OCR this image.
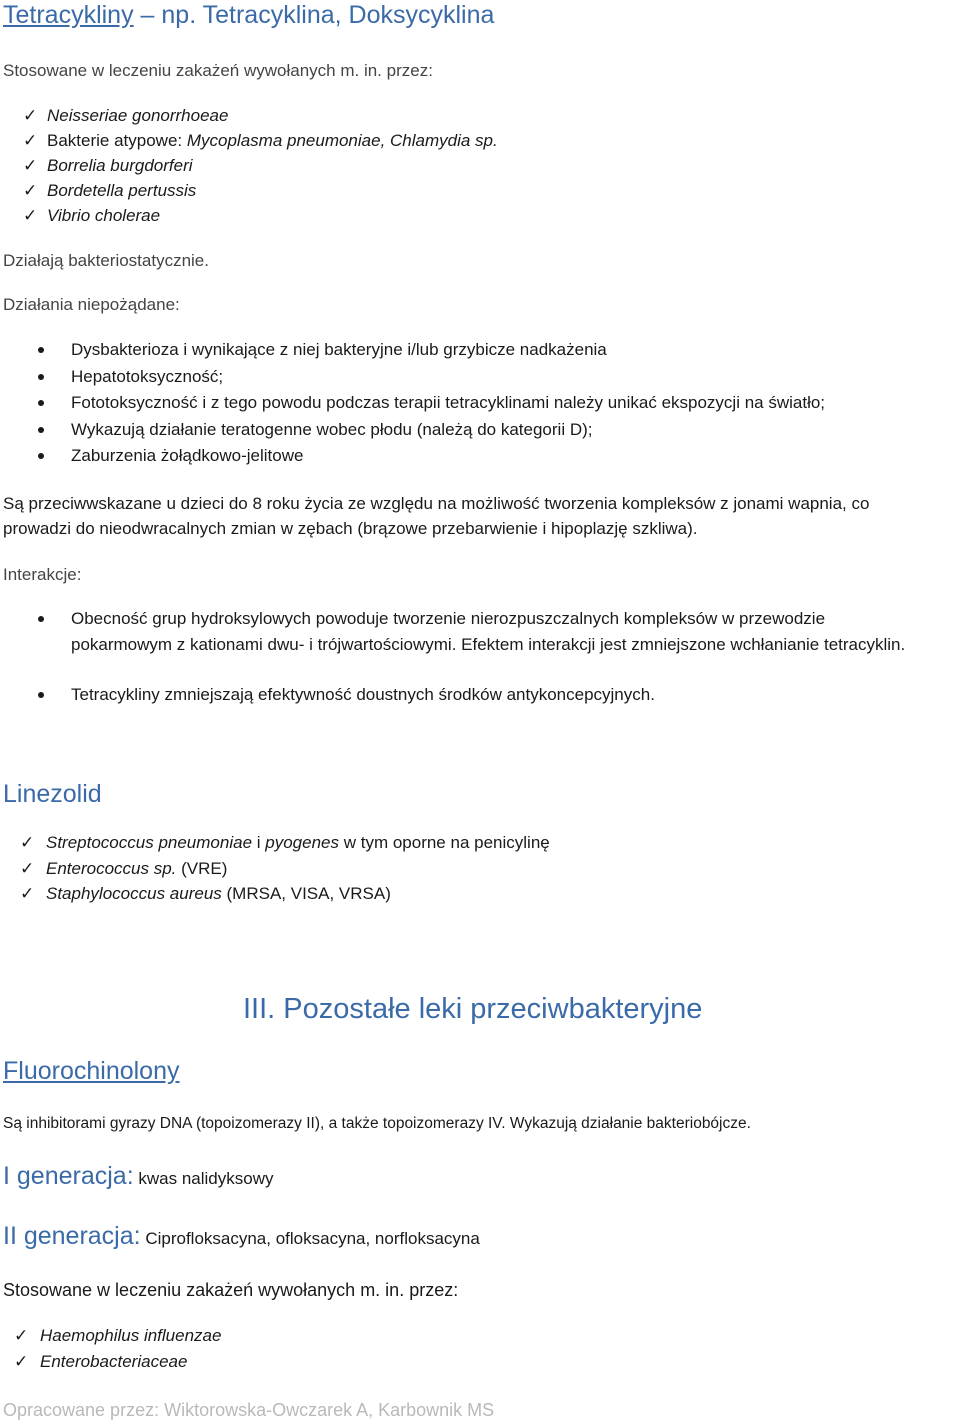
Tetracykliny – np. Tetracyklina, Doksycyklina
Stosowane w leczeniu zakażeń wywołanych m. in. przez:
✓ Neisseriae gonorrhoeae
✓ Bakterie atypowe: Mycoplasma pneumoniae, Chlamydia sp.
✓ Borrelia burgdorferi
✓ Bordetella pertussis
✓ Vibrio cholerae
Działają bakteriostatycznie.
Działania niepożądane:
Dysbakterioza i wynikające z niej bakteryjne i/lub grzybicze nadkażenia
Hepatotoksyczność;
Fototoksyczność i z tego powodu podczas terapii tetracyklinami należy unikać ekspozycji na światło;
Wykazują działanie teratogenne wobec płodu (należą do kategorii D);
Zaburzenia żołądkowo-jelitowe
Są przeciwwskazane u dzieci do 8 roku życia ze względu na możliwość tworzenia kompleksów z jonami wapnia, co
prowadzi do nieodwracalnych zmian w zębach (brązowe przebarwienie i hipoplazję szkliwa).
Interakcje:
Obecność grup hydroksylowych powoduje tworzenie nierozpuszczalnych kompleksów w przewodzie pokarmowym z kationami dwu- i trójwartościowymi. Efektem interakcji jest zmniejszone wchłanianie tetracyklin.
Tetracykliny zmniejszają efektywność doustnych środków antykoncepcyjnych.
Linezolid
✓ Streptococcus pneumoniae i pyogenes w tym oporne na penicylinę
✓ Enterococcus sp. (VRE)
✓ Staphylococcus aureus (MRSA, VISA, VRSA)
III. Pozostałe leki przeciwbakteryjne
Fluorochinolony
Są inhibitorami gyrazy DNA (topoizomerazy II), a także topoizomerazy IV. Wykazują działanie bakteriobójcze.
I generacja: kwas nalidyksowy
II generacja: Ciprofloksacyna, ofloksacyna, norfloksacyna
Stosowane w leczeniu zakażeń wywołanych m. in. przez:
✓ Haemophilus influenzae
✓ Enterobacteriaceae
Opracowane przez: Wiktorowska-Owczarek A, Karbownik MS
